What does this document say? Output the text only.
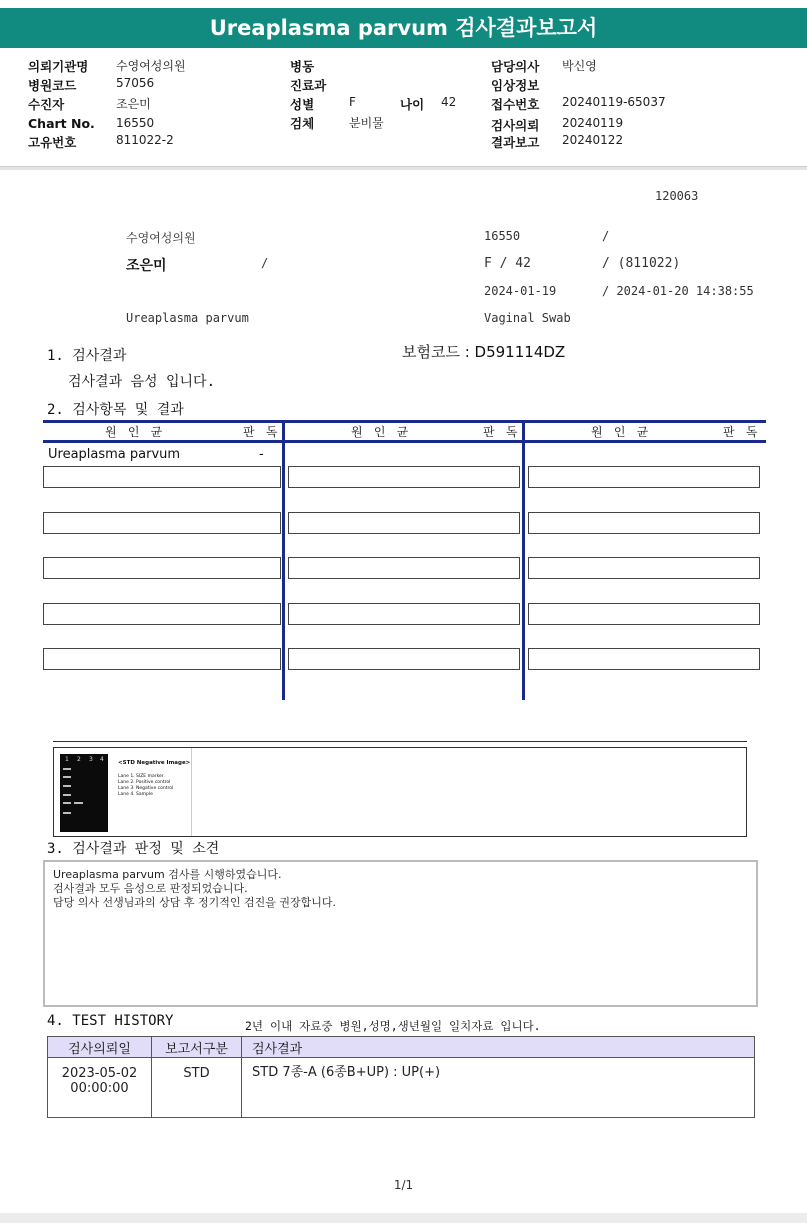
Ureaplasma parvum 검사결과보고서
의뢰기관명 수영여성의원
병원코드	57056
수진자	조은미
Chart No. 16550
고유번호	811022-2
병동
진료과
성별	F	나이 42
검체	분비물
담당의사 박신영
임상정보
접수번호 20240119-65037
검사의뢰 20240119
결과보고 20240122
120063
수영여성의원	16550	/
조은미	/	F / 42	/ (811022)
2024-01-19	/ 2024-01-20 14:38:55
Ureaplasma parvum	Vaginal Swab
1. 검사결과	보험코드 : D591114DZ
검사결과 음성 입니다.
2. 검사항목 및 결과
원 인 균	판 독	원 인 균	판 독	원 인 균	판 독
Ureaplasma parvum	-
1 2 3 4	<STD Negative Image>
Lane 1. SIZE marker
Lane 2. Positive control
Lane 3. Negative control
Lane 4. Sample
3. 검사결과 판정 및 소견
Ureaplasma parvum 검사를 시행하였습니다.
검사결과 모두 음성으로 판정되었습니다.
담당 의사 선생님과의 상담 후 정기적인 검진을 권장합니다.
4. TEST HISTORY	2년 이내 자료중 병원,성명,생년월일 일치자료 입니다.
검사의뢰일	보고서구분	검사결과

2023-05-02
00:00:00	STD	STD 7종-A (6종B+UP) : UP(+)
1/1
